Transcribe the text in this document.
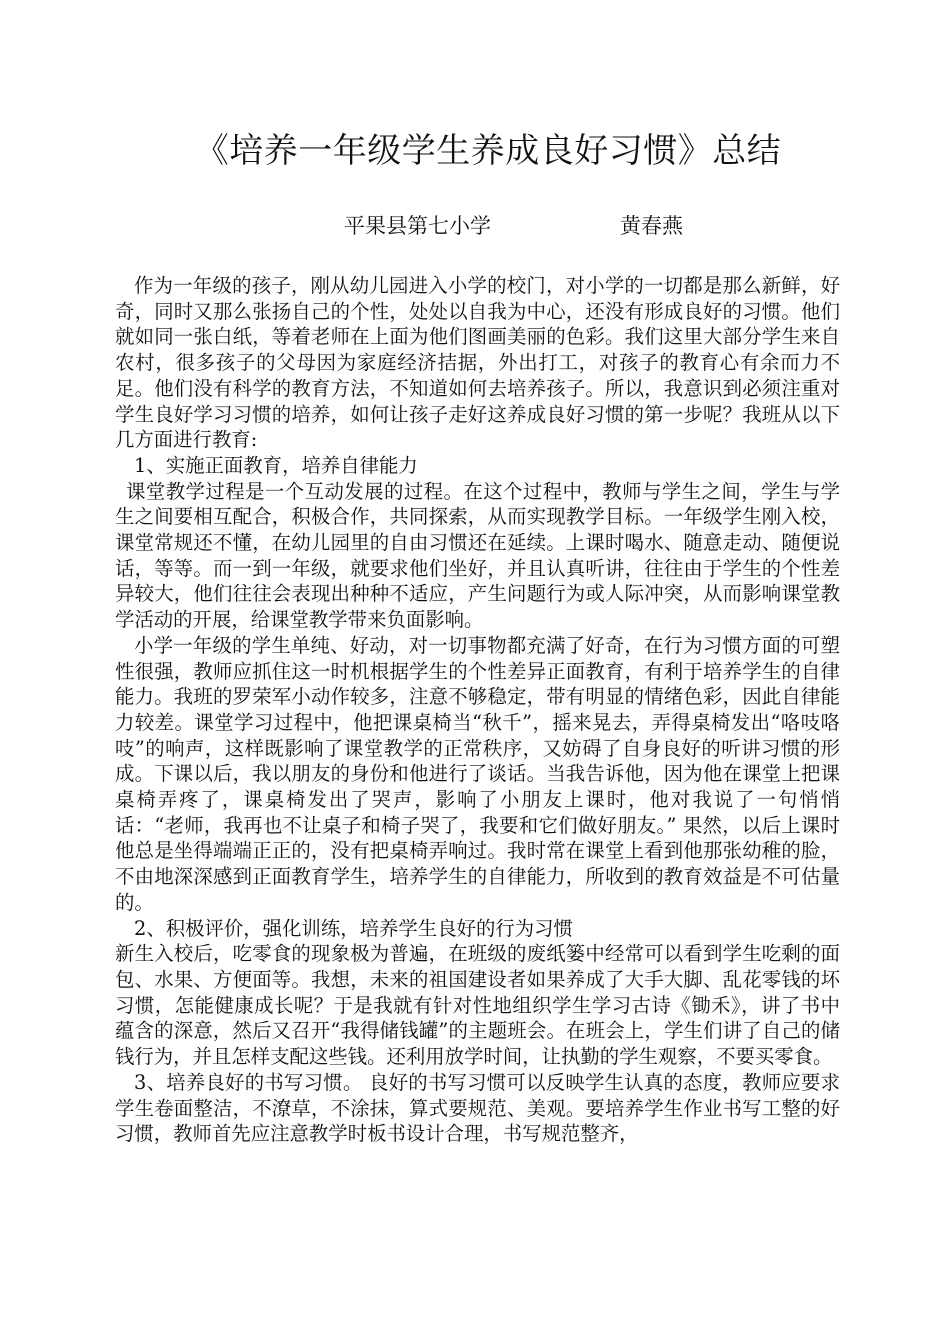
《培养一年级学生养成良好习惯》总结
平果县第七小学	黄春燕

作为一年级的孩子，刚从幼儿园进入小学的校门，对小学的一切都是那么新鲜，好奇，同时又那么张扬自己的个性，处处以自我为中心，还没有形成良好的习惯。他们就如同一张白纸，等着老师在上面为他们图画美丽的色彩。我们这里大部分学生来自农村，很多孩子的父母因为家庭经济拮据，外出打工，对孩子的教育心有余而力不足。他们没有科学的教育方法，不知道如何去培养孩子。所以，我意识到必须注重对学生良好学习习惯的培养，如何让孩子走好这养成良好习惯的第一步呢？我班从以下几方面进行教育:

1、实施正面教育，培养自律能力

课堂教学过程是一个互动发展的过程。在这个过程中，教师与学生之间，学生与学生之间要相互配合，积极合作，共同探索，从而实现教学目标。一年级学生刚入校，课堂常规还不懂，在幼儿园里的自由习惯还在延续。上课时喝水、随意走动、随便说话，等等。而一到一年级，就要求他们坐好，并且认真听讲，往往由于学生的个性差异较大，他们往往会表现出种种不适应，产生问题行为或人际冲突，从而影响课堂教学活动的开展，给课堂教学带来负面影响。

小学一年级的学生单纯、好动，对一切事物都充满了好奇，在行为习惯方面的可塑性很强，教师应抓住这一时机根据学生的个性差异正面教育，有利于培养学生的自律能力。我班的罗荣军小动作较多，注意不够稳定，带有明显的情绪色彩，因此自律能力较差。课堂学习过程中，他把课桌椅当“秋千”，摇来晃去，弄得桌椅发出“咯吱咯吱”的响声，这样既影响了课堂教学的正常秩序，又妨碍了自身良好的听讲习惯的形成。下课以后，我以朋友的身份和他进行了谈话。当我告诉他，因为他在课堂上把课桌椅弄疼了，课桌椅发出了哭声，影响了小朋友上课时，他对我说了一句悄悄话：“老师，我再也不让桌子和椅子哭了，我要和它们做好朋友。” 果然，以后上课时他总是坐得端端正正的，没有把桌椅弄响过。我时常在课堂上看到他那张幼稚的脸，不由地深深感到正面教育学生，培养学生的自律能力，所收到的教育效益是不可估量的。

2、积极评价，强化训练，培养学生良好的行为习惯

新生入校后，吃零食的现象极为普遍，在班级的废纸篓中经常可以看到学生吃剩的面包、水果、方便面等。我想，未来的祖国建设者如果养成了大手大脚、乱花零钱的坏习惯，怎能健康成长呢？于是我就有针对性地组织学生学习古诗《锄禾》，讲了书中蕴含的深意，然后又召开“我得储钱罐”的主题班会。在班会上，学生们讲了自己的储钱行为，并且怎样支配这些钱。还利用放学时间，让执勤的学生观察，不要买零食。

3、培养良好的书写习惯。 良好的书写习惯可以反映学生认真的态度，教师应要求学生卷面整洁，不潦草，不涂抹，算式要规范、美观。要培养学生作业书写工整的好习惯，教师首先应注意教学时板书设计合理，书写规范整齐，
